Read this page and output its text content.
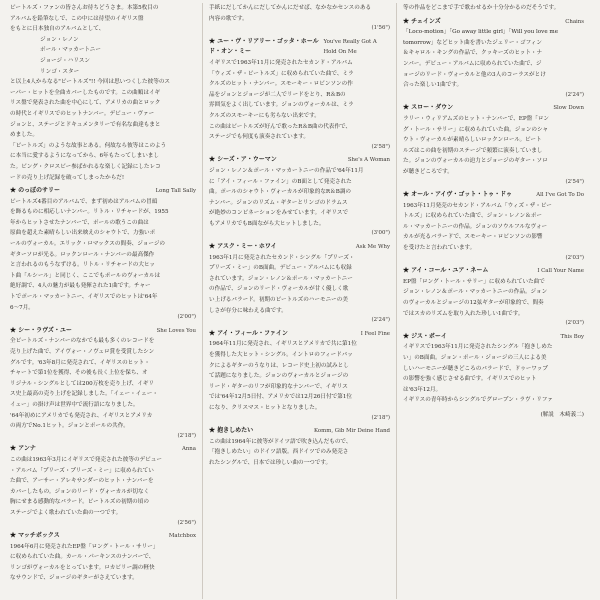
ビートルズ・ファンの皆さんお待ちどうさま。本第5枚目の

アルバムを鉛筆なしで、この中には待望のイギリス盤

をもとに日本独自のアルバムとして、

ジョン・レノン

ポール・マッカートニー

ジョージ・ハリスン

リンゴ・スター

と以上4人からなる"ビートルズ"!! 今回は思いつくした彼等のス

ーパー・ヒットを全曲カバーしたものです。この曲順はイギ

リス盤で発表された曲を中心にして、アメリカの曲とロック

の時代とイギリスでのヒットナンバー。デビュー・ヴァー

ジョンと、ステージとドキュメンタリーで有名な曲達もまと

めました。

「ビートルズ」のような故事とある。何故なら彼等はこのよう

に本当に愛するようになってから、6年もたってしまいまし

た。ビング・クロスビー参ばかれるな楽しく記録にしたレコ

ードの売り上げ記録を破ってしまったからだ!

★ のっぽのサリー	Long Tall Sally

ビートルズ4番目のアルバムで、まず初めはアルバムの冒頭

を飾るものに相応しいナンバー。リトル・リチャードが、1955

年からヒットさせたナンバーで、ポールの歌うこの曲は

原曲を超えた素晴らしい出来映えのシャウトで、力強いポ

ールのヴォーカル。エリック・ロマックスの間奏、ジョージの

ギターソロが光る。ロックンロール・ナンバーの最高傑作

と言われるのもうなずける。リトル・リチャードの大ヒッ

ト曲「ルシール」と同じく、ここでもポールのヴォーカルは

絶好調で、4人の魅力が最も発揮された1曲です。チャー

トでポール・マッカートニー、イギリスでのヒットは'64年

6～7月。

(2'00")
★ シー・ラヴズ・ユー	She Loves You

全ビートルズ・ナンバーのなかでも最も多くのレコードを

売り上げた曲で、アイヴォー・ノヴェロ賞を受賞したシン

グルです。'63年8月に発売されて、イギリスのヒット・

チャートで第1位を獲得、その後も長く上位を保ち、オ

リジナル・シングルとしては200万枚を売り上げ、イギリ

ス史上最高の売り上げを記録しました。「イェー・イェー・

イェー」の掛け声は世界中で流行語になりました。

'64年初めにアメリカでも発売され、イギリスとアメリカ

の両方でNo.1ヒット。ジョンとポールの共作。

(2'18")
★ アンナ	Anna

この曲は1963年3月にイギリスで発売された彼等のデビュー

・アルバム「プリーズ・プリーズ・ミー」に収められてい

た曲で、アーサー・アレキサンダーのヒット・ナンバーを

カバーしたもの。ジョンのリード・ヴォーカルが切なく

胸にせまる感動的なバラード。ビートルズの初期の頃の

ステージでよく歌われていた曲の一つです。

(2'56")
★ マッチボックス	Matchbox

1964年6月に発売されたEP盤「ロング・トール・サリー」

に収められていた曲。カール・パーキンスのナンバーで、

リンゴがヴォーカルをとっています。ロカビリー調の軽快

なサウンドで、ジョージのギターがさえています。

手紙にだしてかんにだしてかんにだせば、なかなかセンスのある

内容の歌です。

(1'56")
★ ユー・ヴ・リアリー・ゴッタ・ホールド・オン・ミー
You've Really Got A Hold On Me

イギリスで1963年11月に発売されたセカンド・アルバム

「ウィズ・ザ・ビートルズ」に収められていた曲で、ミラ

クルズのヒット・ナンバー。スモーキー・ロビンソンの作

品をジョンとジョージが二人でリードをとり、R＆Bの

雰囲気をよく出しています。ジョンのヴォーカルは、ミラ

クルズのスモーキーにも劣らない出来です。

この曲はビートルズが好んで歌ったR＆B曲の代表作で、

ステージでも何度も演奏されています。

(2'58")
★ シーズ・ア・ウーマン	She's A Woman

ジョン・レノン＆ポール・マッカートニーの作品で'64年11月

に「アイ・フィール・ファイン」のB面として発売された

曲。ポールのシャウト・ヴォーカルが印象的なR＆B調の

ナンバー。ジョンのリズム・ギターとリンゴのドラムス

が絶妙のコンビネーションをみせています。イギリスで

もアメリカでもB面ながら大ヒットしました。

(3'00")
★ アスク・ミー・ホワイ	Ask Me Why

1963年1月に発売されたセカンド・シングル「プリーズ・

プリーズ・ミー」のB面曲。デビュー・アルバムにも収録

されています。ジョン・レノン＆ポール・マッカートニー

の作品で、ジョンのリード・ヴォーカルが甘く優しく歌

い上げるバラード。初期のビートルズのハーモニーの美

しさが存分に味わえる曲です。

(2'24")
★ アイ・フィール・ファイン	I Feel Fine

1964年11月に発売され、イギリスとアメリカで共に第1位

を獲得した大ヒット・シングル。イントロのフィードバッ

クによるギターのうなりは、レコード史上初の試みとし

て話題になりました。ジョンのヴォーカルとジョージの

リード・ギターのリフが印象的なナンバーで、イギリス

では'64年12月5日付、アメリカでは12月26日付で第1位

になり、クリスマス・ヒットとなりました。

(2'18")
★ 抱きしめたい	Komm, Gib Mir Deine Hand

この曲は1964年に彼等がドイツ語で吹き込んだもので、

「抱きしめたい」のドイツ語版。西ドイツでのみ発売さ

れたシングルで、日本では珍しい曲の一つです。

等の作品をどこまで手で歌わせるか十分分かるのだそうです。

★ チェインズ	Chains

「Loco-motion」「Go away little girl」「Will you love me

tomorrow」などヒット曲を書いたジェリー・ゴフィン

＆キャロル・キングの作品で、クッキーズのヒット・ナ

ンバー。デビュー・アルバムに収められていた曲で、ジ

ョージのリード・ヴォーカルと他の3人のコーラスがとけ

合った楽しい1曲です。

(2'24")
★ スロー・ダウン	Slow Down

ラリー・ウィリアムズのヒット・ナンバーで、EP盤「ロン

グ・トール・サリー」に収められていた曲。ジョンのシャ

ウト・ヴォーカルが素晴らしいロックンロール。ビート

ルズはこの曲を初期のステージで頻繁に演奏していまし

た。ジョンのヴォーカルの迫力とジョージのギター・ソロ

が聴きどころです。

(2'54")
★ オール・アイヴ・ゴット・トゥ・ドゥ	All I've Got To Do

1963年11月発売のセカンド・アルバム「ウィズ・ザ・ビー

トルズ」に収められていた曲で、ジョン・レノン＆ポー

ル・マッカートニーの作品。ジョンのソウルフルなヴォー

カルが光るバラードで、スモーキー・ロビンソンの影響

を受けたと言われています。

(2'03")
★ アイ・コール・ユア・ネーム	I Call Your Name

EP盤「ロング・トール・サリー」に収められていた曲で

ジョン・レノン＆ポール・マッカートニーの作品。ジョン

のヴォーカルとジョージの12弦ギターが印象的で、間奏

ではスカのリズムを取り入れた珍しい1曲です。

(2'03")
★ ジス・ボーイ	This Boy

イギリスで1963年11月に発売されたシングル「抱きしめた

い」のB面曲。ジョン・ポール・ジョージの三人による美

しいハーモニーが聴きどころのバラードで、ドゥーワップ

の影響を強く感じさせる曲です。イギリスでのヒット

は'63年12月。

イギリスの青年時からシングルでグロープン・ラヴ・リファ

(解説　木崎義二)
